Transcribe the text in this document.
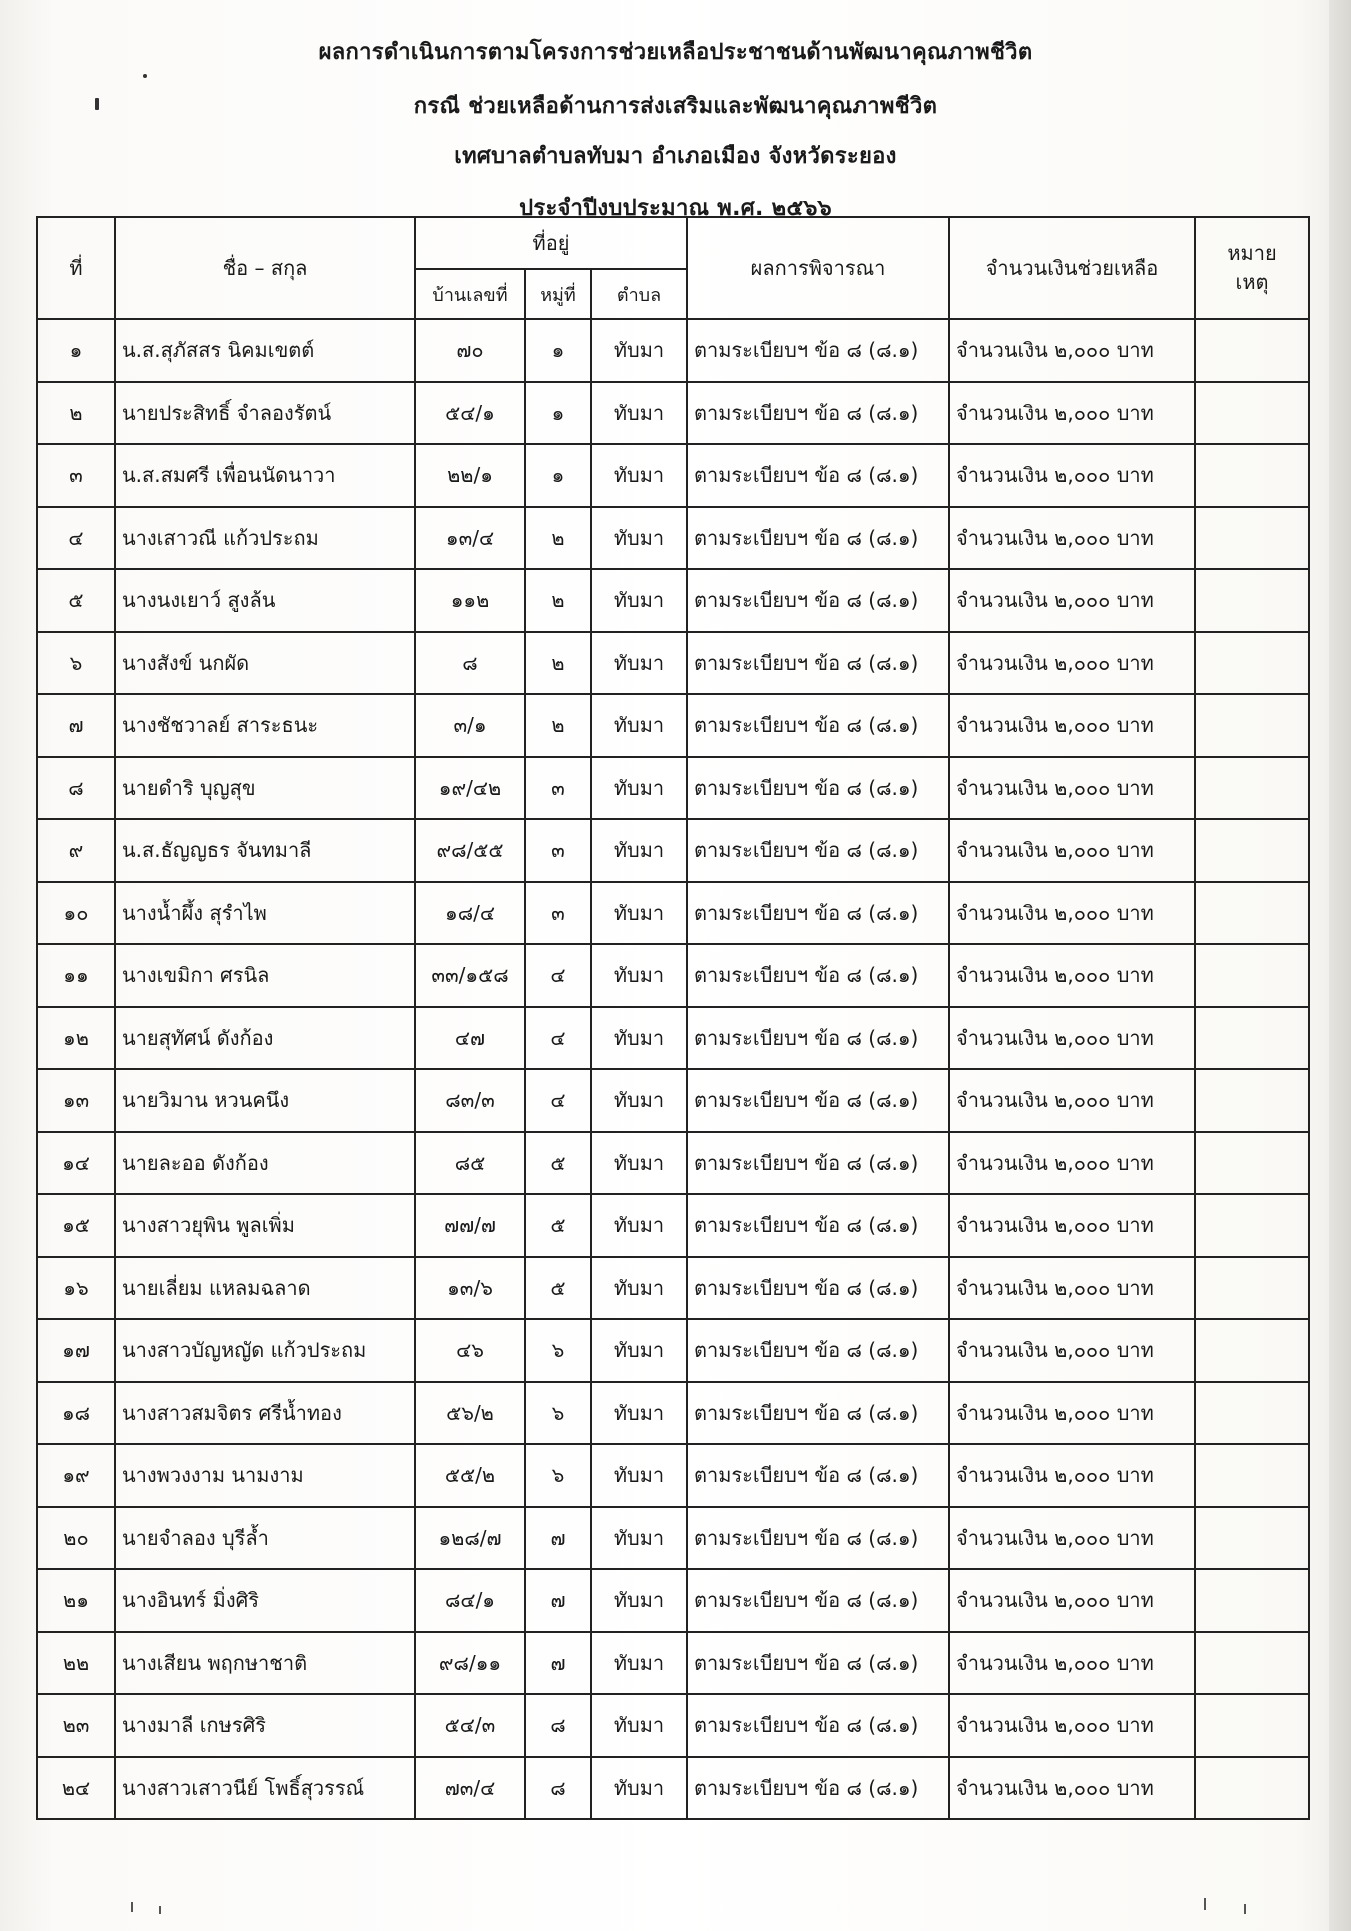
ผลการดำเนินการตามโครงการช่วยเหลือประชาชนด้านพัฒนาคุณภาพชีวิต
กรณี ช่วยเหลือด้านการส่งเสริมและพัฒนาคุณภาพชีวิต
เทศบาลตำบลทับมา อำเภอเมือง จังหวัดระยอง
ประจำปีงบประมาณ พ.ศ. ๒๕๖๖
ที่	ชื่อ – สกุล	ที่อยู่			ผลการพิจารณา	จำนวนเงินช่วยเหลือ	หมาย
เหตุ
		บ้านเลขที่	หมู่ที่	ตำบล			
๑	น.ส.สุภัสสร นิคมเขตต์	๗๐	๑	ทับมา	ตามระเบียบฯ ข้อ ๘ (๘.๑)	จำนวนเงิน ๒,๐๐๐ บาท	
๒	นายประสิทธิ์ จำลองรัตน์	๕๔/๑	๑	ทับมา	ตามระเบียบฯ ข้อ ๘ (๘.๑)	จำนวนเงิน ๒,๐๐๐ บาท	
๓	น.ส.สมศรี เพื่อนนัดนาวา	๒๒/๑	๑	ทับมา	ตามระเบียบฯ ข้อ ๘ (๘.๑)	จำนวนเงิน ๒,๐๐๐ บาท	
๔	นางเสาวณี แก้วประถม	๑๓/๔	๒	ทับมา	ตามระเบียบฯ ข้อ ๘ (๘.๑)	จำนวนเงิน ๒,๐๐๐ บาท	
๕	นางนงเยาว์ สูงล้น	๑๑๒	๒	ทับมา	ตามระเบียบฯ ข้อ ๘ (๘.๑)	จำนวนเงิน ๒,๐๐๐ บาท	
๖	นางสังข์ นกผัด	๘	๒	ทับมา	ตามระเบียบฯ ข้อ ๘ (๘.๑)	จำนวนเงิน ๒,๐๐๐ บาท	
๗	นางชัชวาลย์ สาระธนะ	๓/๑	๒	ทับมา	ตามระเบียบฯ ข้อ ๘ (๘.๑)	จำนวนเงิน ๒,๐๐๐ บาท	
๘	นายดำริ บุญสุข	๑๙/๔๒	๓	ทับมา	ตามระเบียบฯ ข้อ ๘ (๘.๑)	จำนวนเงิน ๒,๐๐๐ บาท	
๙	น.ส.ธัญญธร จันทมาลี	๙๘/๕๕	๓	ทับมา	ตามระเบียบฯ ข้อ ๘ (๘.๑)	จำนวนเงิน ๒,๐๐๐ บาท	
๑๐	นางน้ำผึ้ง สุรำไพ	๑๘/๔	๓	ทับมา	ตามระเบียบฯ ข้อ ๘ (๘.๑)	จำนวนเงิน ๒,๐๐๐ บาท	
๑๑	นางเขมิกา ศรนิล	๓๓/๑๕๘	๔	ทับมา	ตามระเบียบฯ ข้อ ๘ (๘.๑)	จำนวนเงิน ๒,๐๐๐ บาท	
๑๒	นายสุทัศน์ ดังก้อง	๔๗	๔	ทับมา	ตามระเบียบฯ ข้อ ๘ (๘.๑)	จำนวนเงิน ๒,๐๐๐ บาท	
๑๓	นายวิมาน หวนคนึง	๘๓/๓	๔	ทับมา	ตามระเบียบฯ ข้อ ๘ (๘.๑)	จำนวนเงิน ๒,๐๐๐ บาท	
๑๔	นายละออ ดังก้อง	๘๕	๕	ทับมา	ตามระเบียบฯ ข้อ ๘ (๘.๑)	จำนวนเงิน ๒,๐๐๐ บาท	
๑๕	นางสาวยุพิน พูลเพิ่ม	๗๗/๗	๕	ทับมา	ตามระเบียบฯ ข้อ ๘ (๘.๑)	จำนวนเงิน ๒,๐๐๐ บาท	
๑๖	นายเลี่ยม แหลมฉลาด	๑๓/๖	๕	ทับมา	ตามระเบียบฯ ข้อ ๘ (๘.๑)	จำนวนเงิน ๒,๐๐๐ บาท	
๑๗	นางสาวบัญหญัด แก้วประถม	๔๖	๖	ทับมา	ตามระเบียบฯ ข้อ ๘ (๘.๑)	จำนวนเงิน ๒,๐๐๐ บาท	
๑๘	นางสาวสมจิตร ศรีน้ำทอง	๕๖/๒	๖	ทับมา	ตามระเบียบฯ ข้อ ๘ (๘.๑)	จำนวนเงิน ๒,๐๐๐ บาท	
๑๙	นางพวงงาม นามงาม	๕๕/๒	๖	ทับมา	ตามระเบียบฯ ข้อ ๘ (๘.๑)	จำนวนเงิน ๒,๐๐๐ บาท	
๒๐	นายจำลอง บุรีล้ำ	๑๒๘/๗	๗	ทับมา	ตามระเบียบฯ ข้อ ๘ (๘.๑)	จำนวนเงิน ๒,๐๐๐ บาท	
๒๑	นางอินทร์ มิ่งศิริ	๘๔/๑	๗	ทับมา	ตามระเบียบฯ ข้อ ๘ (๘.๑)	จำนวนเงิน ๒,๐๐๐ บาท	
๒๒	นางเสียน พฤกษาชาติ	๙๘/๑๑	๗	ทับมา	ตามระเบียบฯ ข้อ ๘ (๘.๑)	จำนวนเงิน ๒,๐๐๐ บาท	
๒๓	นางมาลี เกษรศิริ	๕๔/๓	๘	ทับมา	ตามระเบียบฯ ข้อ ๘ (๘.๑)	จำนวนเงิน ๒,๐๐๐ บาท	
๒๔	นางสาวเสาวนีย์ โพธิ์สุวรรณ์	๗๓/๔	๘	ทับมา	ตามระเบียบฯ ข้อ ๘ (๘.๑)	จำนวนเงิน ๒,๐๐๐ บาท	
